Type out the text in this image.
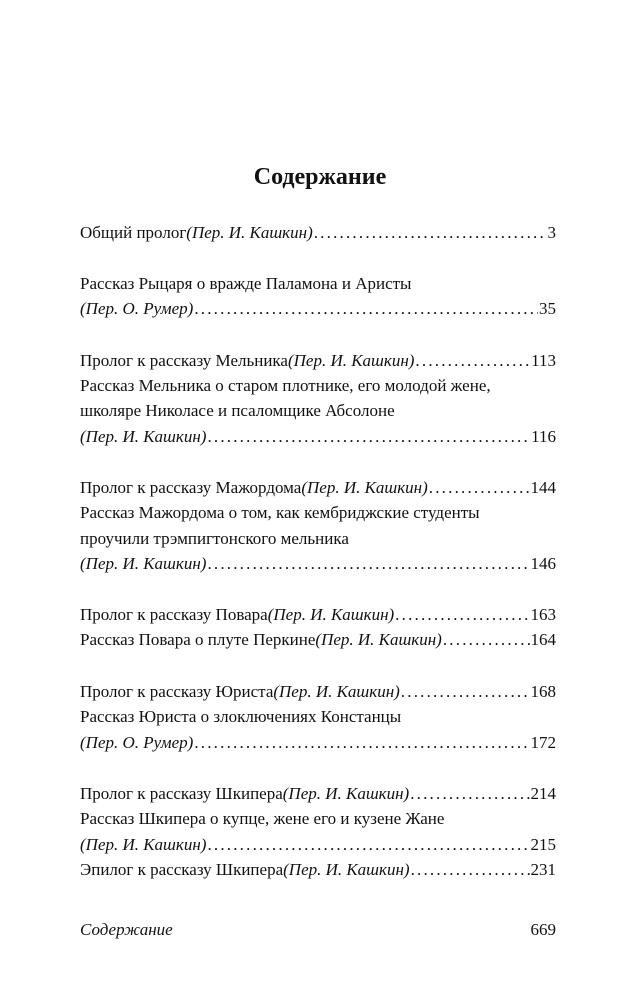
Содержание
Общий пролог (Пер. И. Кашкин) .....	3
Рассказ Рыцаря о вражде Паламона и Аристы
(Пер. О. Румер) .....	35
Пролог к рассказу Мельника (Пер. И. Кашкин) .....	113
Рассказ Мельника о старом плотнике, его молодой жене,
школяре Николасе и псаломщике Абсолоне
(Пер. И. Кашкин) .....	116
Пролог к рассказу Мажордома (Пер. И. Кашкин) .....	144
Рассказ Мажордома о том, как кембриджские студенты
проучили трэмпигтонского мельника
(Пер. И. Кашкин) .....	146
Пролог к рассказу Повара (Пер. И. Кашкин) .....	163
Рассказ Повара о плуте Перкине (Пер. И. Кашкин) .....	164
Пролог к рассказу Юриста (Пер. И. Кашкин) .....	168
Рассказ Юриста о злоключениях Констанцы
(Пер. О. Румер) .....	172
Пролог к рассказу Шкипера (Пер. И. Кашкин) .....	214
Рассказ Шкипера о купце, жене его и кузене Жане
(Пер. И. Кашкин) .....	215
Эпилог к рассказу Шкипера (Пер. И. Кашкин) .....	231
Содержание	669
